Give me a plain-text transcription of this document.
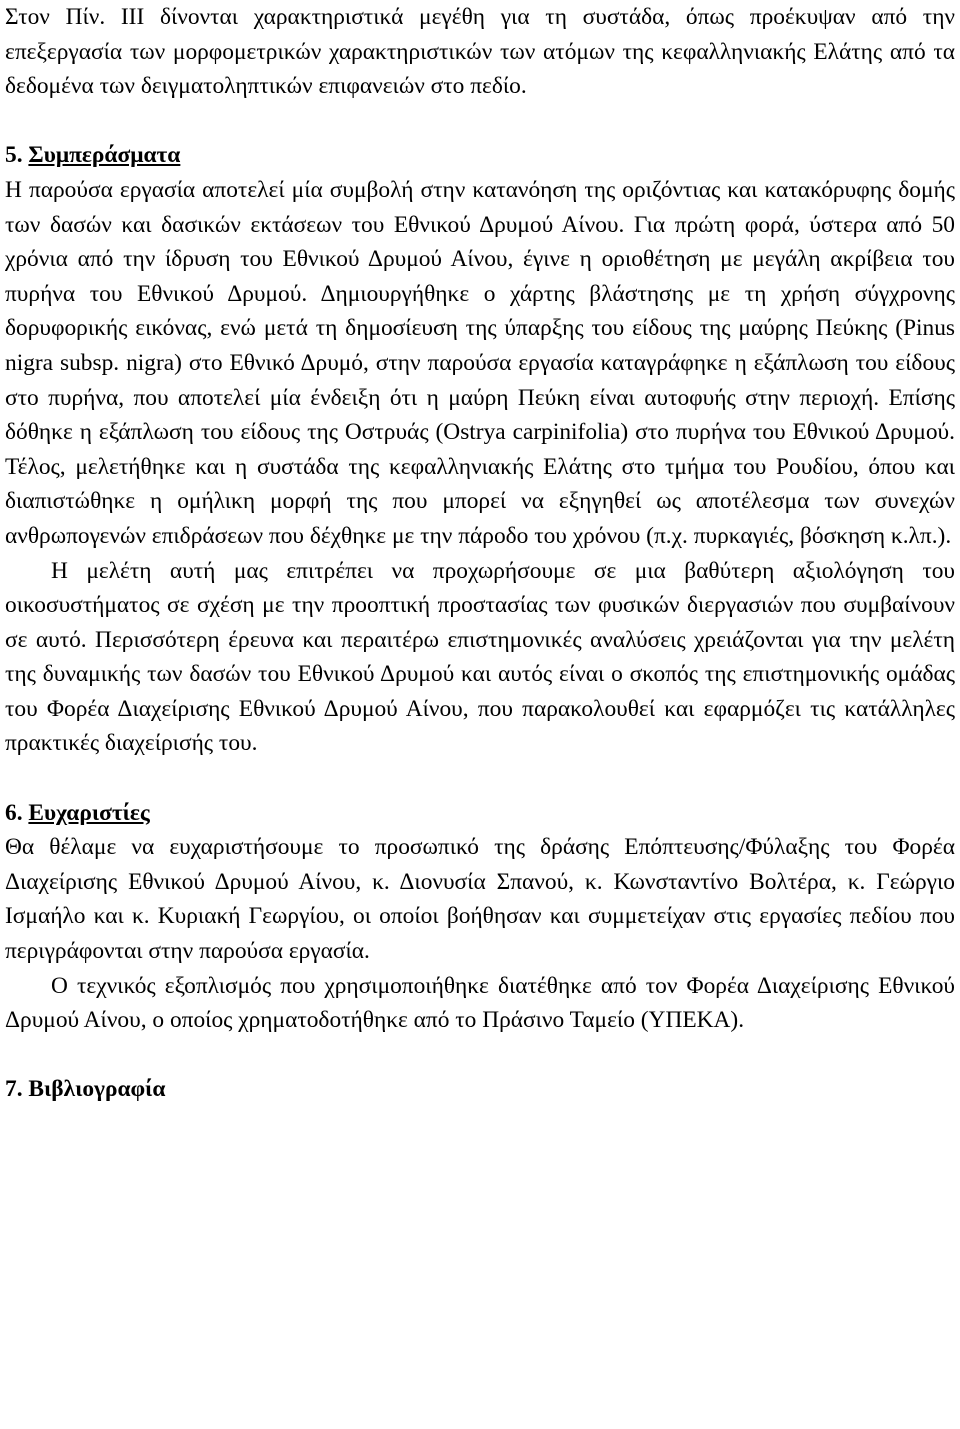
Στον Πίν. ΙΙΙ δίνονται χαρακτηριστικά μεγέθη για τη συστάδα, όπως προέκυψαν από την επεξεργασία των μορφομετρικών χαρακτηριστικών των ατόμων της κεφαλληνιακής Ελάτης από τα δεδομένα των δειγματοληπτικών επιφανειών στο πεδίο.

5. Συμπεράσματα

Η παρούσα εργασία αποτελεί μία συμβολή στην κατανόηση της οριζόντιας και κατακόρυφης δομής των δασών και δασικών εκτάσεων του Εθνικού Δρυμού Αίνου. Για πρώτη φορά, ύστερα από 50 χρόνια από την ίδρυση του Εθνικού Δρυμού Αίνου, έγινε η οριοθέτηση με μεγάλη ακρίβεια του πυρήνα του Εθνικού Δρυμού. Δημιουργήθηκε ο χάρτης βλάστησης με τη χρήση σύγχρονης δορυφορικής εικόνας, ενώ μετά τη δημοσίευση της ύπαρξης του είδους της μαύρης Πεύκης (Pinus nigra subsp. nigra) στο Εθνικό Δρυμό, στην παρούσα εργασία καταγράφηκε η εξάπλωση του είδους στο πυρήνα, που αποτελεί μία ένδειξη ότι η μαύρη Πεύκη είναι αυτοφυής στην περιοχή. Επίσης δόθηκε η εξάπλωση του είδους της Οστρυάς (Ostrya carpinifolia) στο πυρήνα του Εθνικού Δρυμού. Τέλος, μελετήθηκε και η συστάδα της κεφαλληνιακής Ελάτης στο τμήμα του Ρουδίου, όπου και διαπιστώθηκε η ομήλικη μορφή της που μπορεί να εξηγηθεί ως αποτέλεσμα των συνεχών ανθρωπογενών επιδράσεων που δέχθηκε με την πάροδο του χρόνου (π.χ. πυρκαγιές, βόσκηση κ.λπ.).

Η μελέτη αυτή μας επιτρέπει να προχωρήσουμε σε μια βαθύτερη αξιολόγηση του οικοσυστήματος σε σχέση με την προοπτική προστασίας των φυσικών διεργασιών που συμβαίνουν σε αυτό. Περισσότερη έρευνα και περαιτέρω επιστημονικές αναλύσεις χρειάζονται για την μελέτη της δυναμικής των δασών του Εθνικού Δρυμού και αυτός είναι ο σκοπός της επιστημονικής ομάδας του Φορέα Διαχείρισης Εθνικού Δρυμού Αίνου, που παρακολουθεί και εφαρμόζει τις κατάλληλες πρακτικές διαχείρισής του.

6. Ευχαριστίες

Θα θέλαμε να ευχαριστήσουμε το προσωπικό της δράσης Επόπτευσης/Φύλαξης του Φορέα Διαχείρισης Εθνικού Δρυμού Αίνου, κ. Διονυσία Σπανού, κ. Κωνσταντίνο Βολτέρα, κ. Γεώργιο Ισμαήλο και κ. Κυριακή Γεωργίου, οι οποίοι βοήθησαν και συμμετείχαν στις εργασίες πεδίου που περιγράφονται στην παρούσα εργασία.

Ο τεχνικός εξοπλισμός που χρησιμοποιήθηκε διατέθηκε από τον Φορέα Διαχείρισης Εθνικού Δρυμού Αίνου, ο οποίος χρηματοδοτήθηκε από το Πράσινο Ταμείο (ΥΠΕΚΑ).

7. Βιβλιογραφία
